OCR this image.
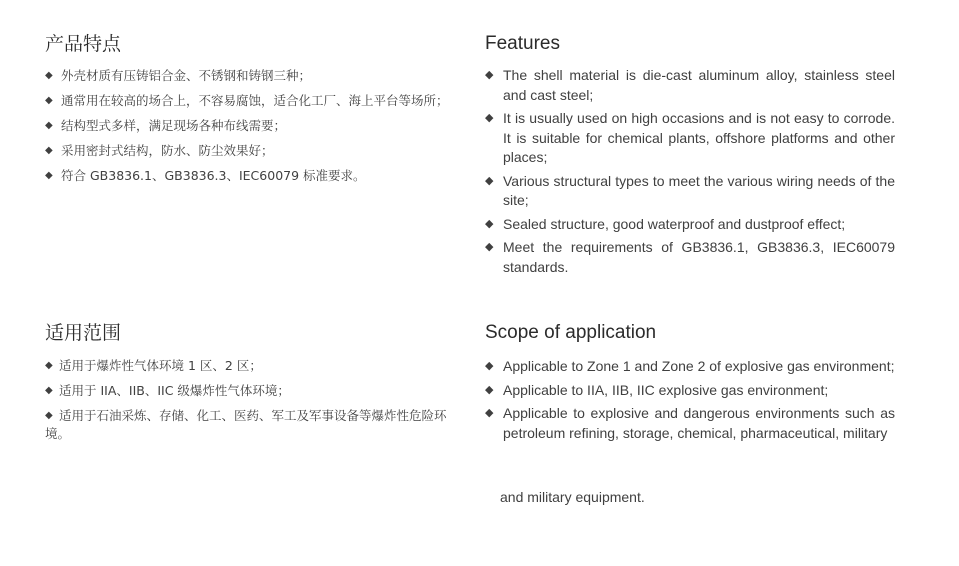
产品特点
◆ 外壳材质有压铸铝合金、不锈钢和铸钢三种；
◆ 通常用在较高的场合上，不容易腐蚀，适合化工厂、海上平台等场所；
◆ 结构型式多样，满足现场各种布线需要；
◆ 采用密封式结构，防水、防尘效果好；
◆ 符合 GB3836.1、GB3836.3、IEC60079 标准要求。
Features
◆ The shell material is die-cast aluminum alloy, stainless steel and cast steel;
◆ It is usually used on high occasions and is not easy to corrode. It is suitable for chemical plants, offshore platforms and other places;
◆ Various structural types to meet the various wiring needs of the site;
◆ Sealed structure, good waterproof and dustproof effect;
◆ Meet the requirements of GB3836.1, GB3836.3, IEC60079 standards.
适用范围
◆ 适用于爆炸性气体环境 1 区、2 区；
◆ 适用于 IIA、IIB、IIC 级爆炸性气体环境；
◆ 适用于石油采炼、存储、化工、医药、军工及军事设备等爆炸性危险环境。
Scope of application
◆ Applicable to Zone 1 and Zone 2 of explosive gas environment;
◆ Applicable to IIA, IIB, IIC explosive gas environment;
◆ Applicable to explosive and dangerous environments such as petroleum refining, storage, chemical, pharmaceutical, military
and military equipment.
